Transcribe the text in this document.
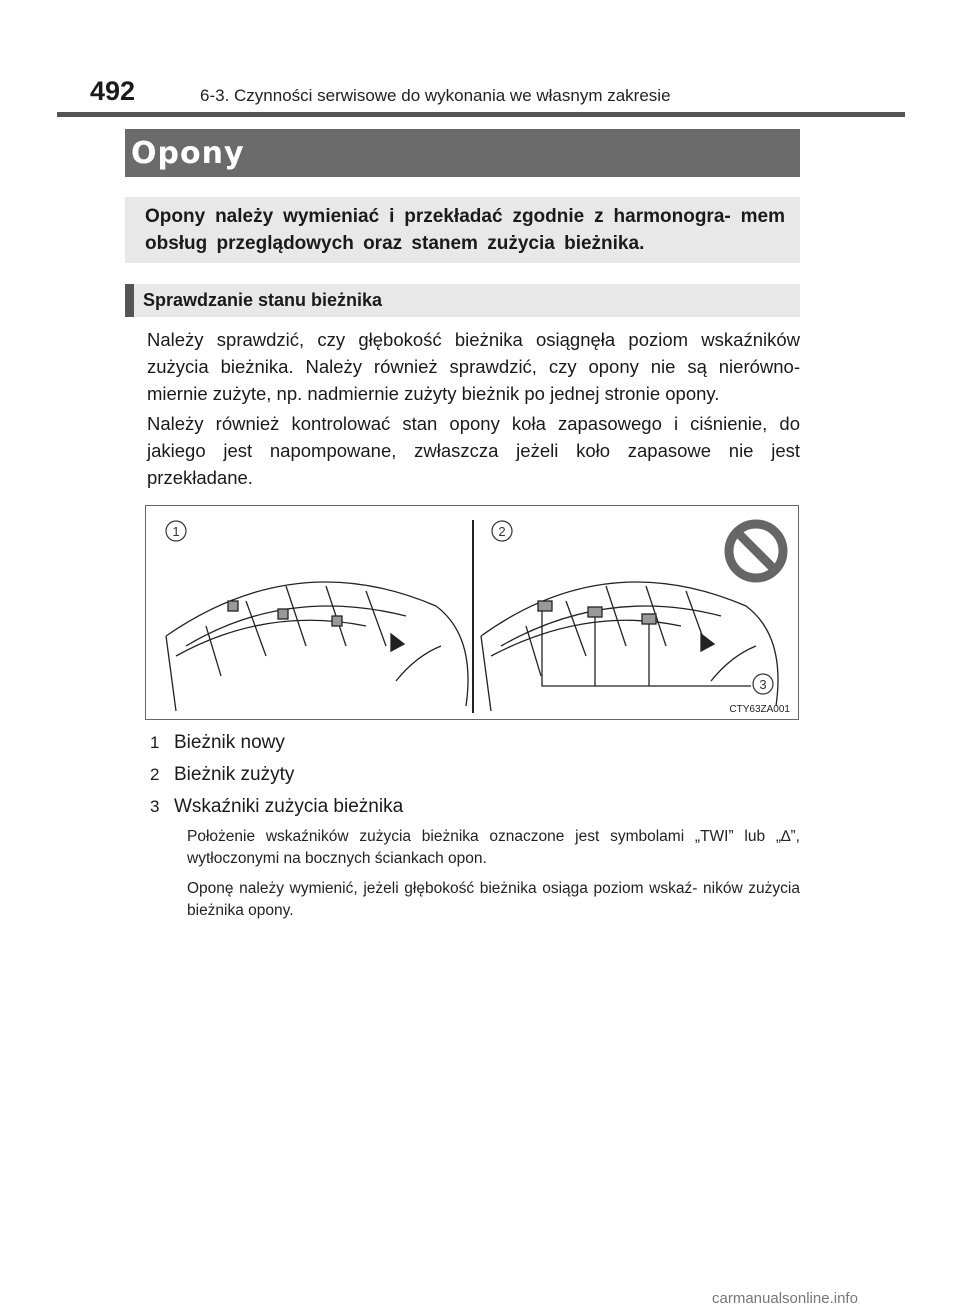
492	6-3. Czynności serwisowe do wykonania we własnym zakresie
Opony
Opony należy wymieniać i przekładać zgodnie z harmonogra- mem obsług przeglądowych oraz stanem zużycia bieżnika.
Sprawdzanie stanu bieżnika
Należy sprawdzić, czy głębokość bieżnika osiągnęła poziom wskaźników zużycia bieżnika. Należy również sprawdzić, czy opony nie są nierówno- miernie zużyte, np. nadmiernie zużyty bieżnik po jednej stronie opony.
Należy również kontrolować stan opony koła zapasowego i ciśnienie, do jakiego jest napompowane, zwłaszcza jeżeli koło zapasowe nie jest przekładane.
1	2
3
CTY63ZA001
1 Bieżnik nowy
2 Bieżnik zużyty
3 Wskaźniki zużycia bieżnika
Położenie wskaźników zużycia bieżnika oznaczone jest symbolami „TWI” lub „∆”, wytłoczonymi na bocznych ściankach opon.
Oponę należy wymienić, jeżeli głębokość bieżnika osiąga poziom wskaź- ników zużycia bieżnika opony.
carmanualsonline.info
